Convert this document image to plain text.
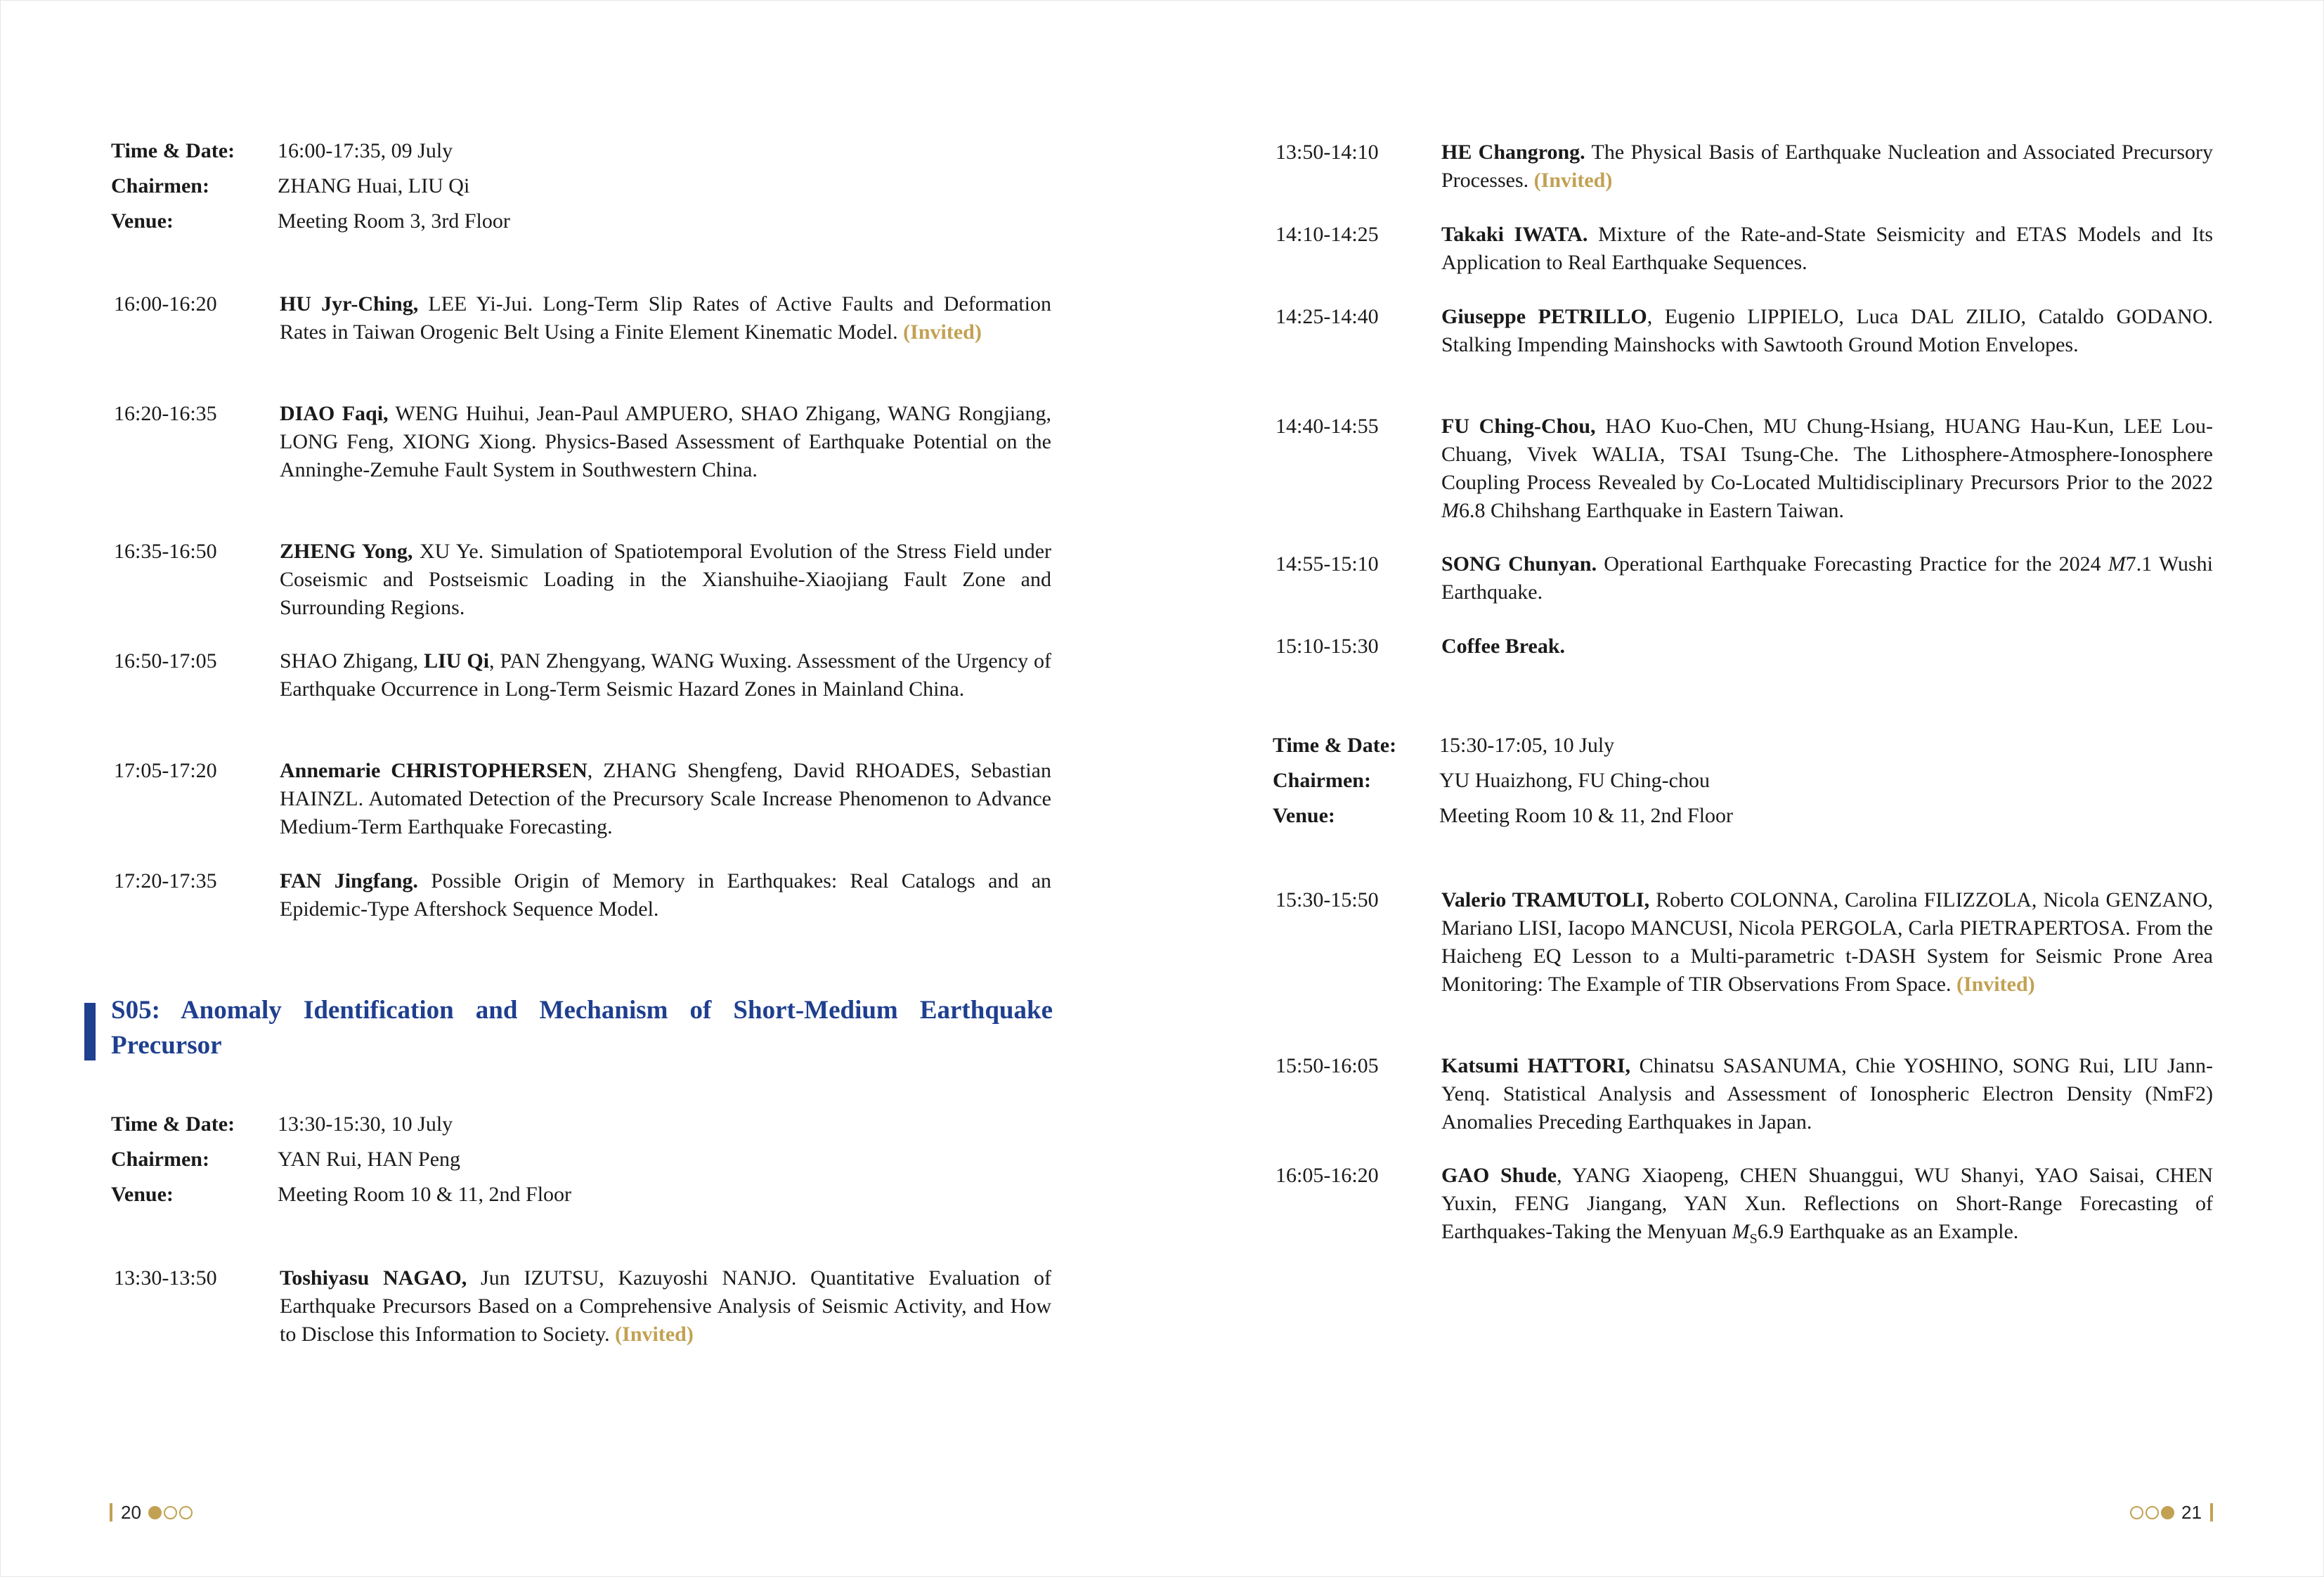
Time & Date: 16:00-17:35, 09 July
Chairmen:	ZHANG Huai, LIU Qi
Venue:	Meeting Room 3, 3rd Floor
16:00-16:20	HU Jyr-Ching, LEE Yi-Jui. Long-Term Slip Rates of Active Faults and Deformation Rates in Taiwan Orogenic Belt Using a Finite Element Kinematic Model. (Invited)
16:20-16:35	DIAO Faqi, WENG Huihui, Jean-Paul AMPUERO, SHAO Zhigang, WANG Rongjiang, LONG Feng, XIONG Xiong. Physics-Based Assessment of Earthquake Potential on the Anninghe-Zemuhe Fault System in Southwestern China.
16:35-16:50	ZHENG Yong, XU Ye. Simulation of Spatiotemporal Evolution of the Stress Field under Coseismic and Postseismic Loading in the Xianshuihe-Xiaojiang Fault Zone and Surrounding Regions.
16:50-17:05	SHAO Zhigang, LIU Qi, PAN Zhengyang, WANG Wuxing. Assessment of the Urgency of Earthquake Occurrence in Long-Term Seismic Hazard Zones in Mainland China.
17:05-17:20	Annemarie CHRISTOPHERSEN, ZHANG Shengfeng, David RHOADES, Sebastian HAINZL. Automated Detection of the Precursory Scale Increase Phenomenon to Advance Medium-Term Earthquake Forecasting.
17:20-17:35	FAN Jingfang. Possible Origin of Memory in Earthquakes: Real Catalogs and an Epidemic-Type Aftershock Sequence Model.
S05: Anomaly Identification and Mechanism of Short-Medium Earthquake Precursor
Time & Date: 13:30-15:30, 10 July
Chairmen:	YAN Rui, HAN Peng
Venue:	Meeting Room 10 & 11, 2nd Floor
13:30-13:50	Toshiyasu NAGAO, Jun IZUTSU, Kazuyoshi NANJO. Quantitative Evaluation of Earthquake Precursors Based on a Comprehensive Analysis of Seismic Activity, and How to Disclose this Information to Society. (Invited)
20
13:50-14:10	HE Changrong. The Physical Basis of Earthquake Nucleation and Associated Precursory Processes. (Invited)
14:10-14:25	Takaki IWATA. Mixture of the Rate-and-State Seismicity and ETAS Models and Its Application to Real Earthquake Sequences.
14:25-14:40	Giuseppe PETRILLO, Eugenio LIPPIELO, Luca DAL ZILIO, Cataldo GODANO. Stalking Impending Mainshocks with Sawtooth Ground Motion Envelopes.
14:40-14:55	FU Ching-Chou, HAO Kuo-Chen, MU Chung-Hsiang, HUANG Hau-Kun, LEE Lou-Chuang, Vivek WALIA, TSAI Tsung-Che. The Lithosphere-Atmosphere-Ionosphere Coupling Process Revealed by Co-Located Multidisciplinary Precursors Prior to the 2022 M6.8 Chihshang Earthquake in Eastern Taiwan.
14:55-15:10	SONG Chunyan. Operational Earthquake Forecasting Practice for the 2024 M7.1 Wushi Earthquake.
15:10-15:30	Coffee Break.
Time & Date: 15:30-17:05, 10 July
Chairmen:	YU Huaizhong, FU Ching-chou
Venue:	Meeting Room 10 & 11, 2nd Floor
15:30-15:50	Valerio TRAMUTOLI, Roberto COLONNA, Carolina FILIZZOLA, Nicola GENZANO, Mariano LISI, Iacopo MANCUSI, Nicola PERGOLA, Carla PIETRAPERTOSA. From the Haicheng EQ Lesson to a Multi-parametric t-DASH System for Seismic Prone Area Monitoring: The Example of TIR Observations From Space. (Invited)
15:50-16:05	Katsumi HATTORI, Chinatsu SASANUMA, Chie YOSHINO, SONG Rui, LIU Jann-Yenq. Statistical Analysis and Assessment of Ionospheric Electron Density (NmF2) Anomalies Preceding Earthquakes in Japan.
16:05-16:20	GAO Shude, YANG Xiaopeng, CHEN Shuanggui, WU Shanyi, YAO Saisai, CHEN Yuxin, FENG Jiangang, YAN Xun. Reflections on Short-Range Forecasting of Earthquakes-Taking the Menyuan $M_S6.9$ Earthquake as an Example.
21
